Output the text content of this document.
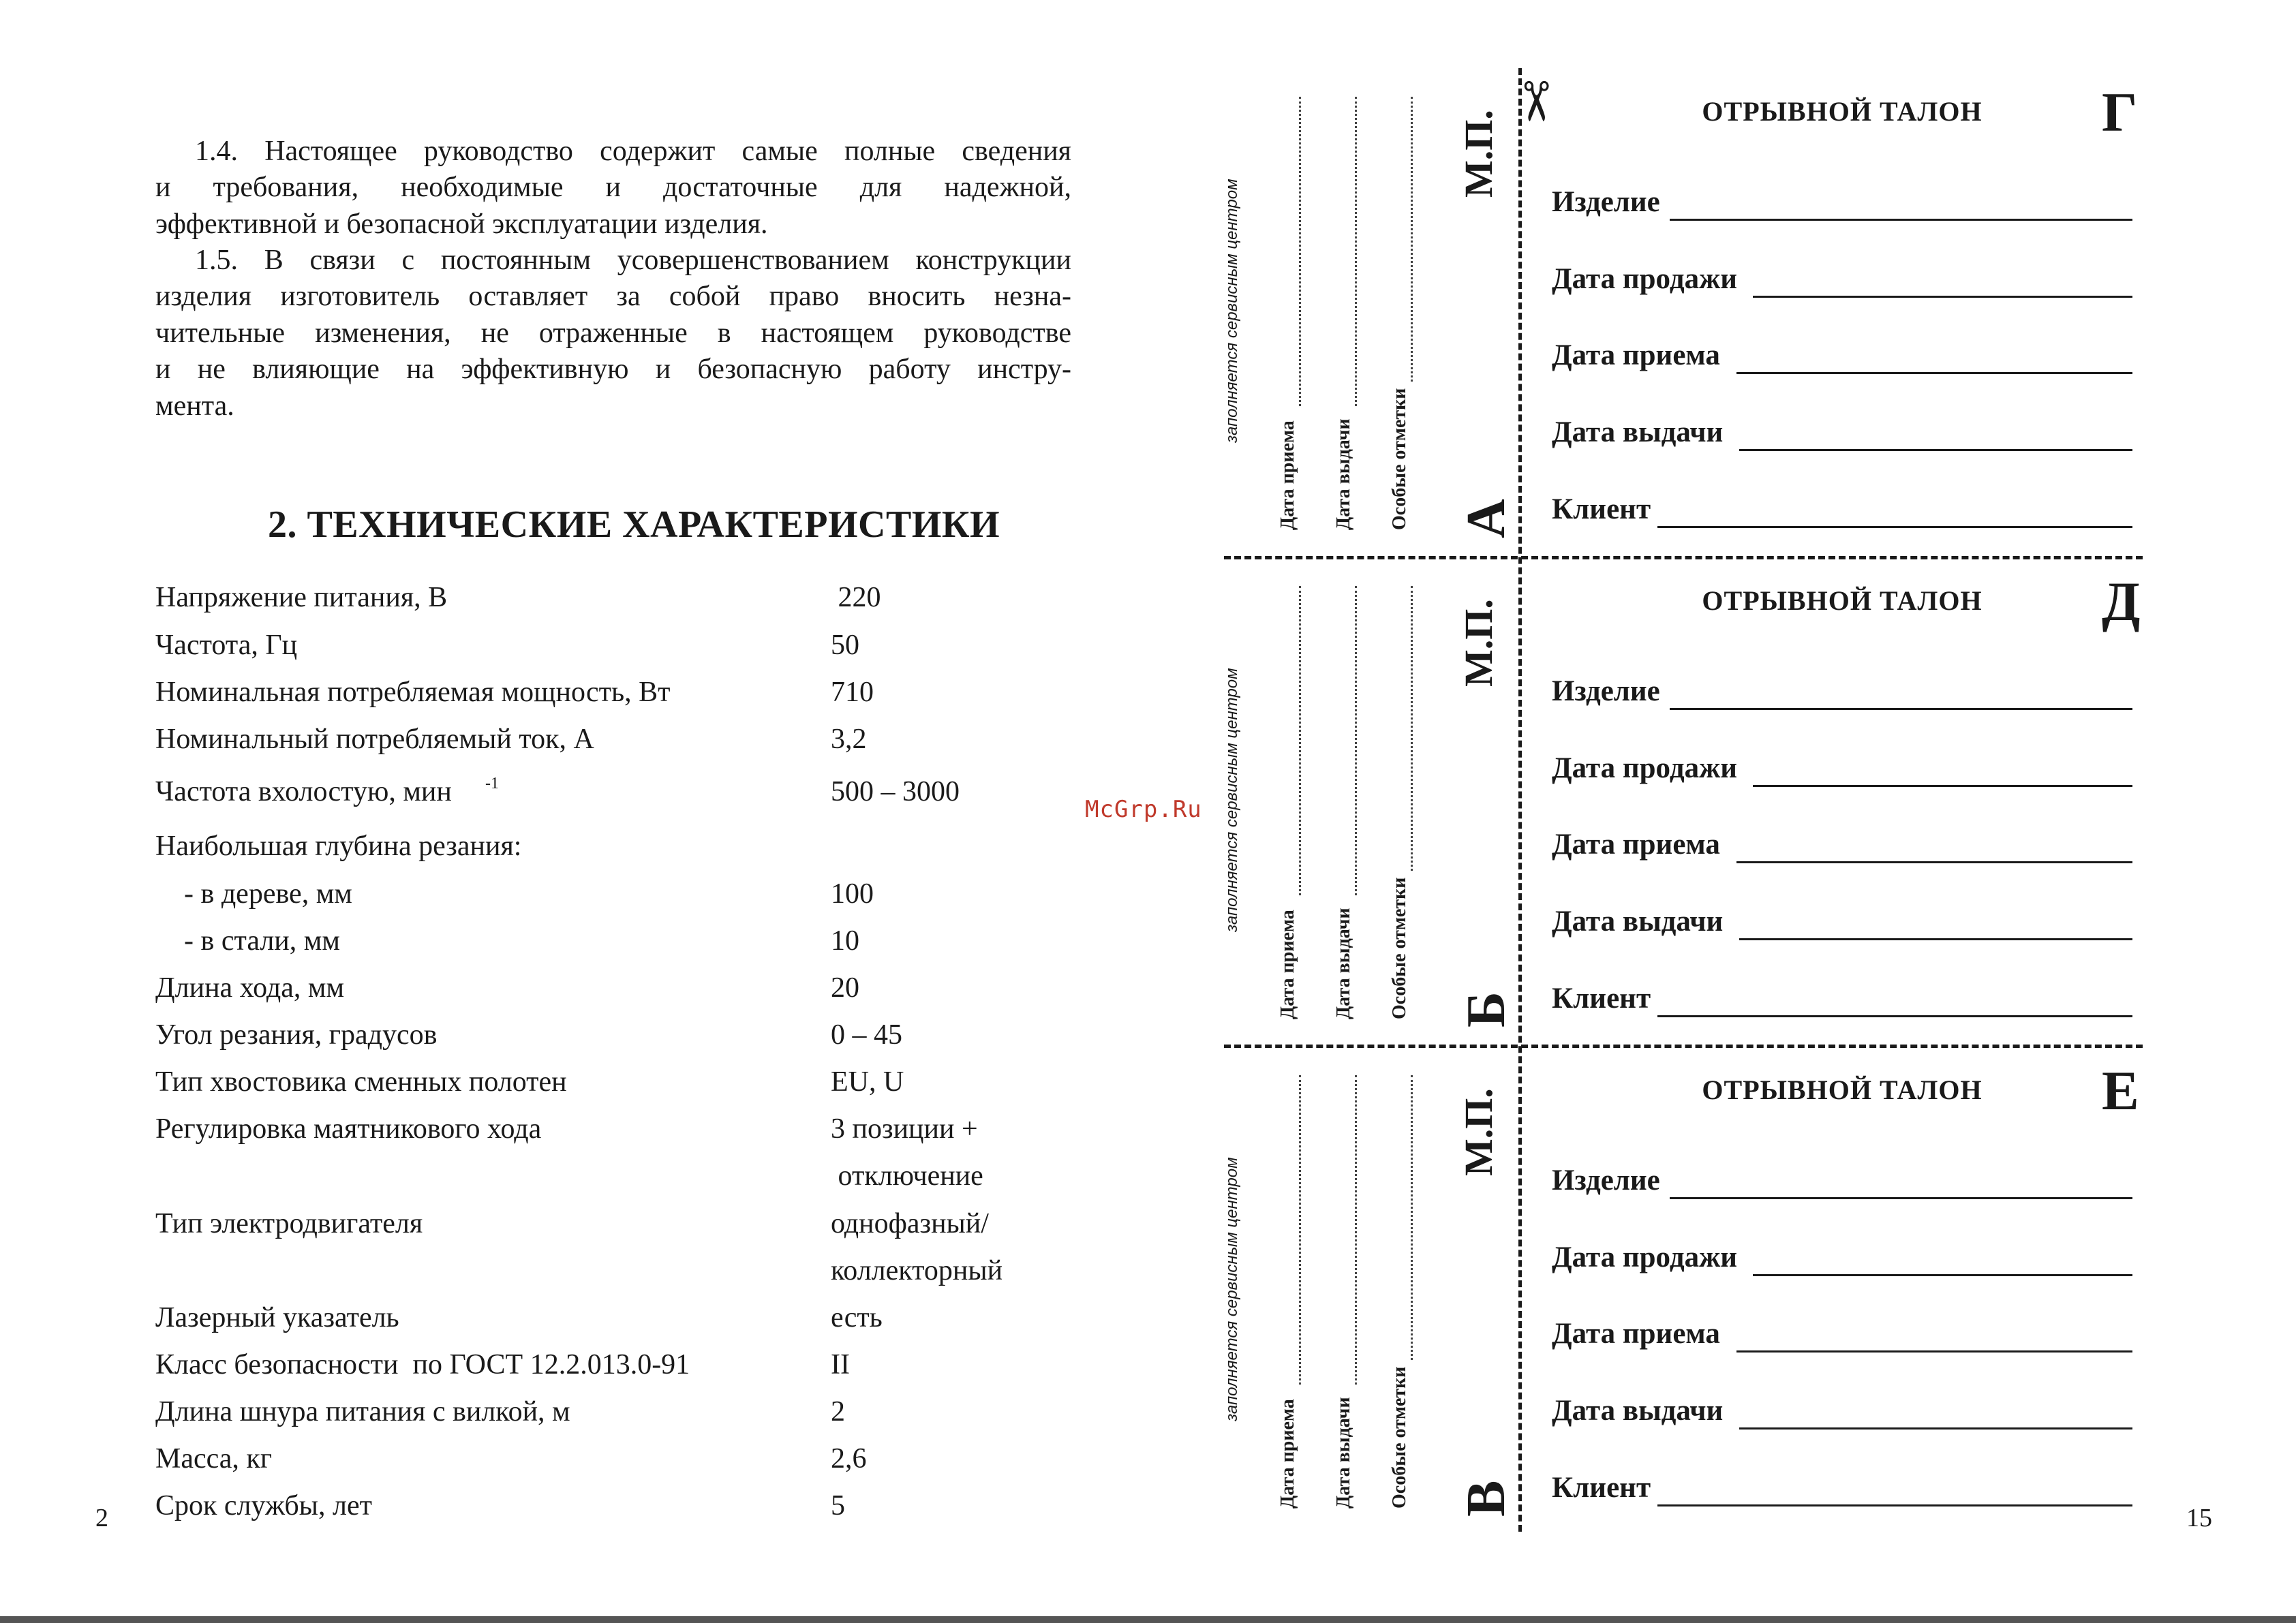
1.4. Настоящее руководство содержит самые полные сведения
и требования, необходимые и достаточные для надежной,
эффективной и безопасной эксплуатации изделия.
1.5. В связи с постоянным усовершенствованием конструкции
изделия изготовитель оставляет за собой право вносить незна-
чительные изменения, не отраженные в настоящем руководстве
и не влияющие на эффективную и безопасную работу инстру-
мента.
2. ТЕХНИЧЕСКИЕ ХАРАКТЕРИСТИКИ
Напряжение питания, В	220
Частота, Гц	50
Номинальная потребляемая мощность, Вт	710
Номинальный потребляемый ток, А	3,2
Частота вхолостую, мин -1	500 – 3000
Наибольшая глубина резания:
- в дереве, мм	100
- в стали, мм	10
Длина хода, мм	20
Угол резания, градусов	0 – 45
Тип хвостовика сменных полотен	EU, U
Регулировка маятникового хода	3 позиции +
отключение
Тип электродвигателя	однофазный/
коллекторный
Лазерный указатель	есть
Класс безопасности  по ГОСТ 12.2.013.0-91	II
Длина шнура питания с вилкой, м	2
Масса, кг	2,6
Срок службы, лет	5
2	15
McGrp.Ru
✂
заполняется сервисным центром
Дата приема Дата выдачи Особые отметки
М.П.
А
ОТРЫВНОЙ ТАЛОН	Г
Изделие
Дата продажи
Дата приема
Дата выдачи
Клиент
заполняется сервисным центром
Дата приема Дата выдачи Особые отметки
М.П.
Б
ОТРЫВНОЙ ТАЛОН	Д
Изделие
Дата продажи
Дата приема
Дата выдачи
Клиент
заполняется сервисным центром
Дата приема Дата выдачи Особые отметки
М.П.
В
ОТРЫВНОЙ ТАЛОН	Е
Изделие
Дата продажи
Дата приема
Дата выдачи
Клиент
